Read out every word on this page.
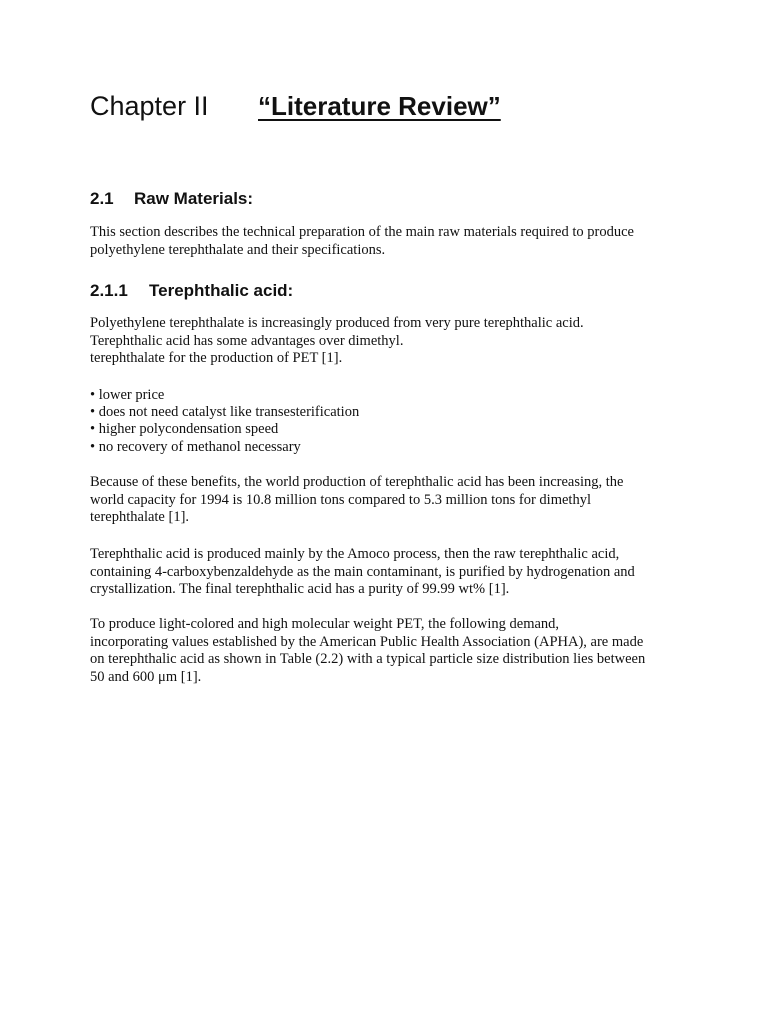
Chapter II “Literature Review”
2.1 Raw Materials:

This section describes the technical preparation of the main raw materials required to produce
polyethylene terephthalate and their specifications.

2.1.1 Terephthalic acid:

Polyethylene terephthalate is increasingly produced from very pure terephthalic acid.
Terephthalic acid has some advantages over dimethyl.
terephthalate for the production of PET [1].

• lower price
• does not need catalyst like transesterification
• higher polycondensation speed
• no recovery of methanol necessary

Because of these benefits, the world production of terephthalic acid has been increasing, the
world capacity for 1994 is 10.8 million tons compared to 5.3 million tons for dimethyl
terephthalate [1].

Terephthalic acid is produced mainly by the Amoco process, then the raw terephthalic acid,
containing 4-carboxybenzaldehyde as the main contaminant, is purified by hydrogenation and
crystallization. The final terephthalic acid has a purity of 99.99 wt% [1].

To produce light-colored and high molecular weight PET, the following demand,
incorporating values established by the American Public Health Association (APHA), are made
on terephthalic acid as shown in Table (2.2) with a typical particle size distribution lies between
50 and 600 μm [1].
